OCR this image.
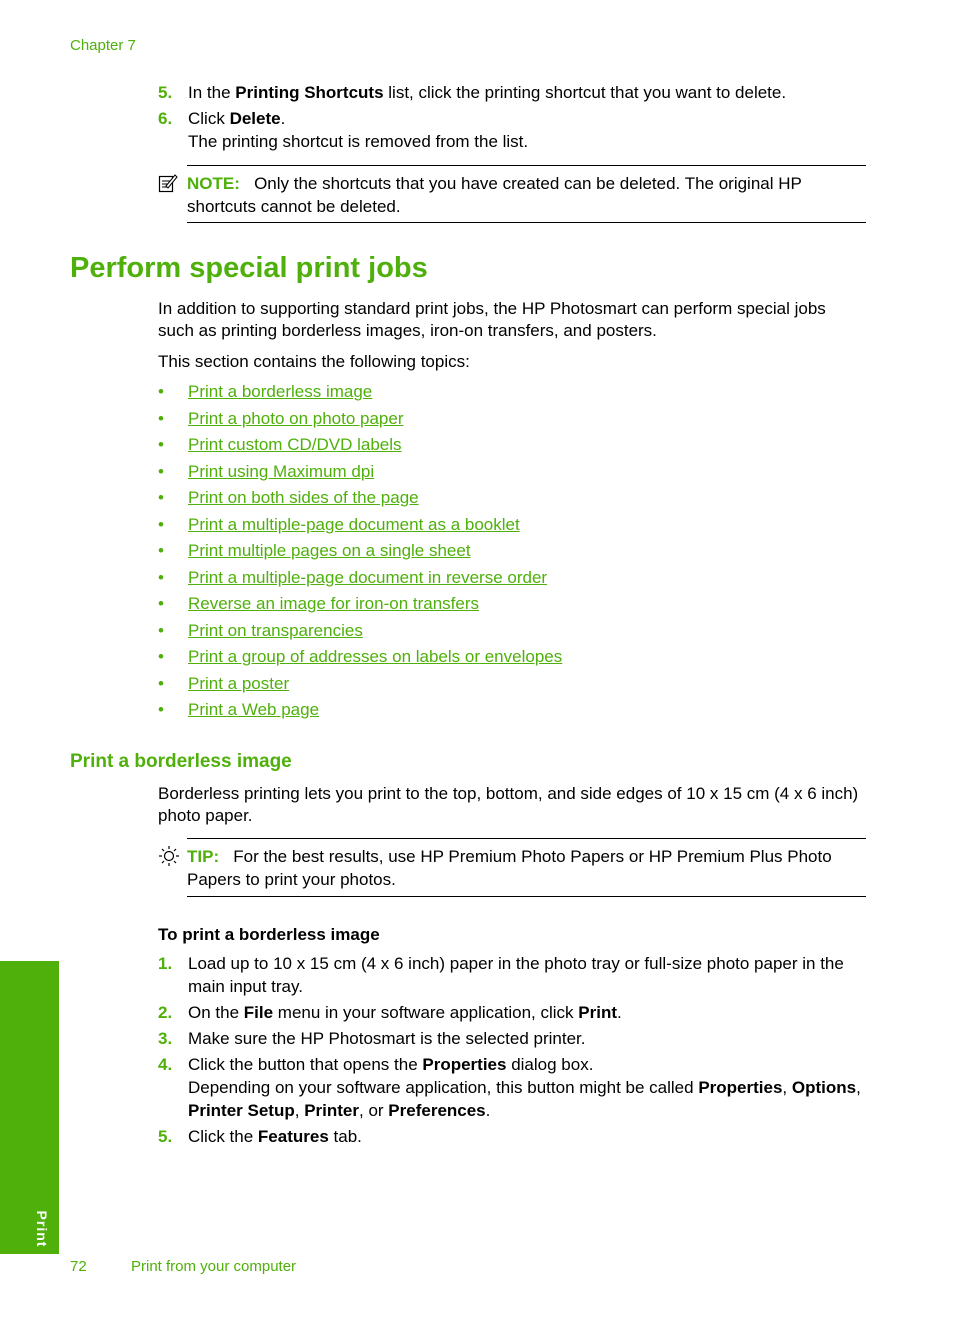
Chapter 7
5. In the Printing Shortcuts list, click the printing shortcut that you want to delete.
6. Click Delete.
The printing shortcut is removed from the list.
NOTE: Only the shortcuts that you have created can be deleted. The original HP shortcuts cannot be deleted.
Perform special print jobs
In addition to supporting standard print jobs, the HP Photosmart can perform special jobs such as printing borderless images, iron-on transfers, and posters.
This section contains the following topics:
• Print a borderless image
• Print a photo on photo paper
• Print custom CD/DVD labels
• Print using Maximum dpi
• Print on both sides of the page
• Print a multiple-page document as a booklet
• Print multiple pages on a single sheet
• Print a multiple-page document in reverse order
• Reverse an image for iron-on transfers
• Print on transparencies
• Print a group of addresses on labels or envelopes
• Print a poster
• Print a Web page
Print a borderless image
Borderless printing lets you print to the top, bottom, and side edges of 10 x 15 cm (4 x 6 inch) photo paper.
TIP: For the best results, use HP Premium Photo Papers or HP Premium Plus Photo Papers to print your photos.
To print a borderless image
1. Load up to 10 x 15 cm (4 x 6 inch) paper in the photo tray or full-size photo paper in the main input tray.
2. On the File menu in your software application, click Print.
3. Make sure the HP Photosmart is the selected printer.
4. Click the button that opens the Properties dialog box.
Depending on your software application, this button might be called Properties, Options, Printer Setup, Printer, or Preferences.
5. Click the Features tab.
Print
72	Print from your computer
